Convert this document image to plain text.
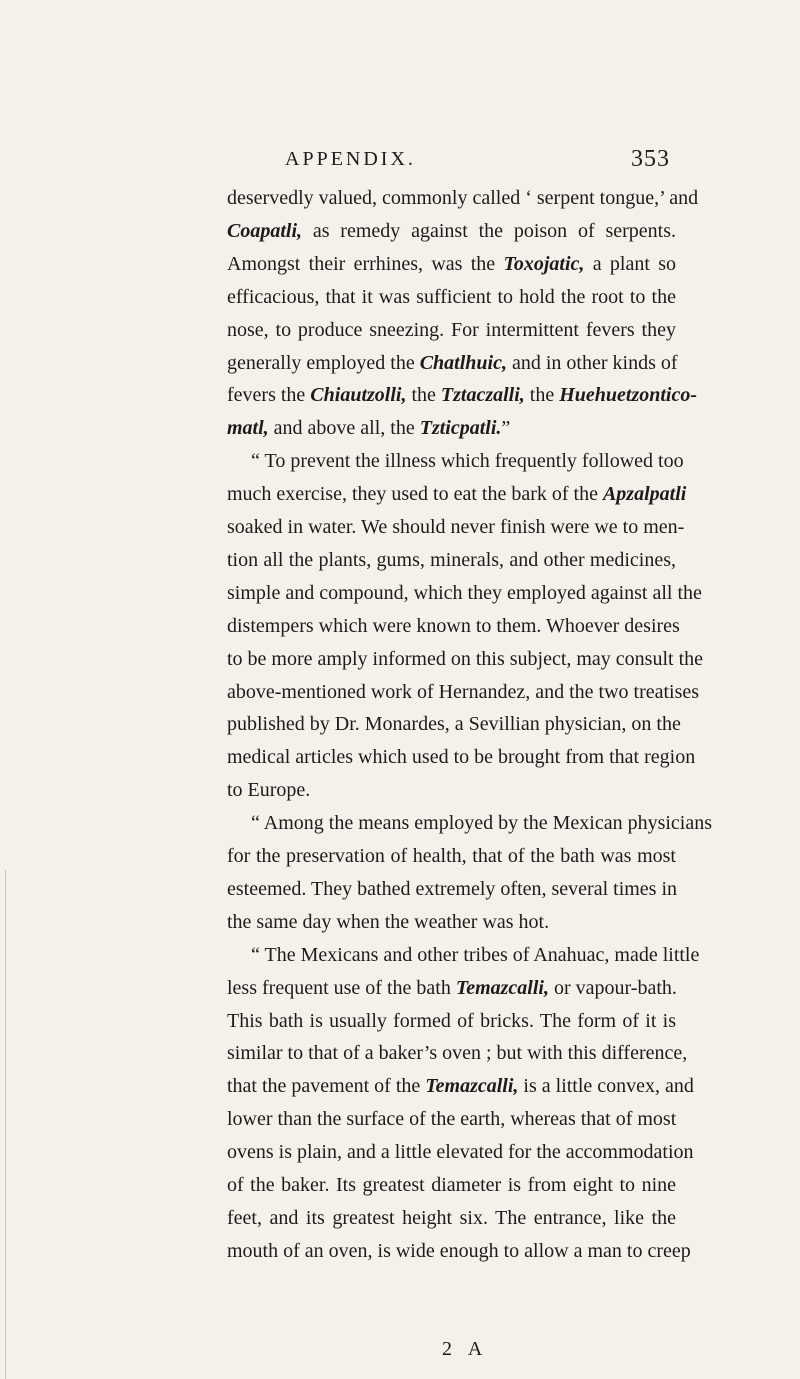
APPENDIX.	353
deservedly valued, commonly called ‘ serpent tongue,’ and
Coapatli, as remedy against the poison of serpents.
Amongst their errhines, was the Toxojatic, a plant so
efficacious, that it was sufficient to hold the root to the
nose, to produce sneezing. For intermittent fevers they
generally employed the Chatlhuic, and in other kinds of
fevers the Chiautzolli, the Tztaczalli, the Huehuetzontico-
matl, and above all, the Tzticpatli.”
“ To prevent the illness which frequently followed too
much exercise, they used to eat the bark of the Apzalpatli
soaked in water. We should never finish were we to men-
tion all the plants, gums, minerals, and other medicines,
simple and compound, which they employed against all the
distempers which were known to them. Whoever desires
to be more amply informed on this subject, may consult the
above-mentioned work of Hernandez, and the two treatises
published by Dr. Monardes, a Sevillian physician, on the
medical articles which used to be brought from that region
to Europe.
“ Among the means employed by the Mexican physicians
for the preservation of health, that of the bath was most
esteemed. They bathed extremely often, several times in
the same day when the weather was hot.
“ The Mexicans and other tribes of Anahuac, made little
less frequent use of the bath Temazcalli, or vapour-bath.
This bath is usually formed of bricks. The form of it is
similar to that of a baker’s oven ; but with this difference,
that the pavement of the Temazcalli, is a little convex, and
lower than the surface of the earth, whereas that of most
ovens is plain, and a little elevated for the accommodation
of the baker. Its greatest diameter is from eight to nine
feet, and its greatest height six. The entrance, like the
mouth of an oven, is wide enough to allow a man to creep
2 A
